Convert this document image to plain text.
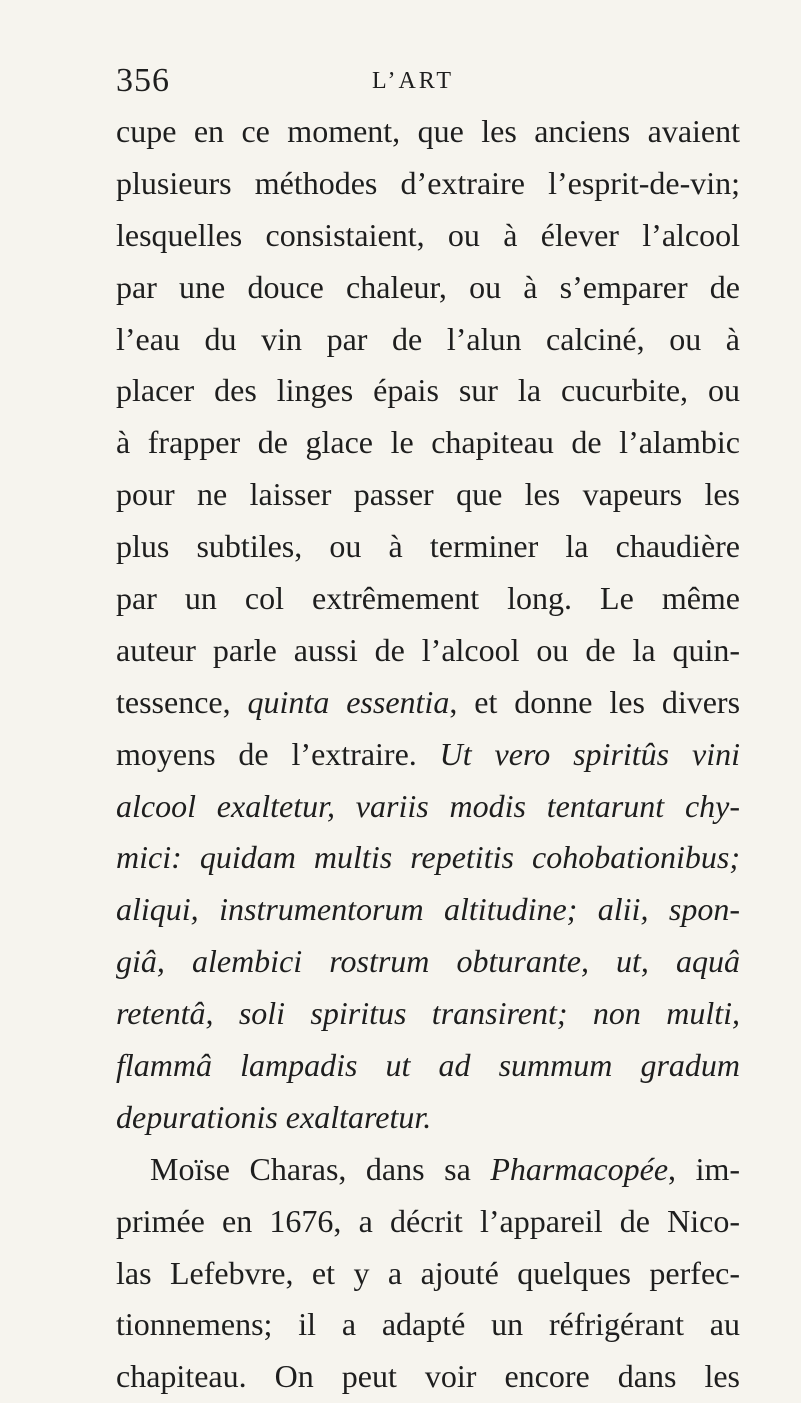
356	L’ART
cupe en ce moment, que les anciens avaient
plusieurs méthodes d’extraire l’esprit-de-vin;
lesquelles consistaient, ou à élever l’alcool
par une douce chaleur, ou à s’emparer de
l’eau du vin par de l’alun calciné, ou à
placer des linges épais sur la cucurbite, ou
à frapper de glace le chapiteau de l’alambic
pour ne laisser passer que les vapeurs les
plus subtiles, ou à terminer la chaudière
par un col extrêmement long. Le même
auteur parle aussi de l’alcool ou de la quin-
tessence, quinta essentia, et donne les divers
moyens de l’extraire. Ut vero spiritûs vini
alcool exaltetur, variis modis tentarunt chy-
mici: quidam multis repetitis cohobationibus;
aliqui, instrumentorum altitudine; alii, spon-
giâ, alembici rostrum obturante, ut, aquâ
retentâ, soli spiritus transirent; non multi,
flammâ lampadis ut ad summum gradum
depurationis exaltaretur.
Moïse Charas, dans sa Pharmacopée, im-
primée en 1676, a décrit l’appareil de Nico-
las Lefebvre, et y a ajouté quelques perfec-
tionnemens; il a adapté un réfrigérant au
chapiteau. On peut voir encore dans les
